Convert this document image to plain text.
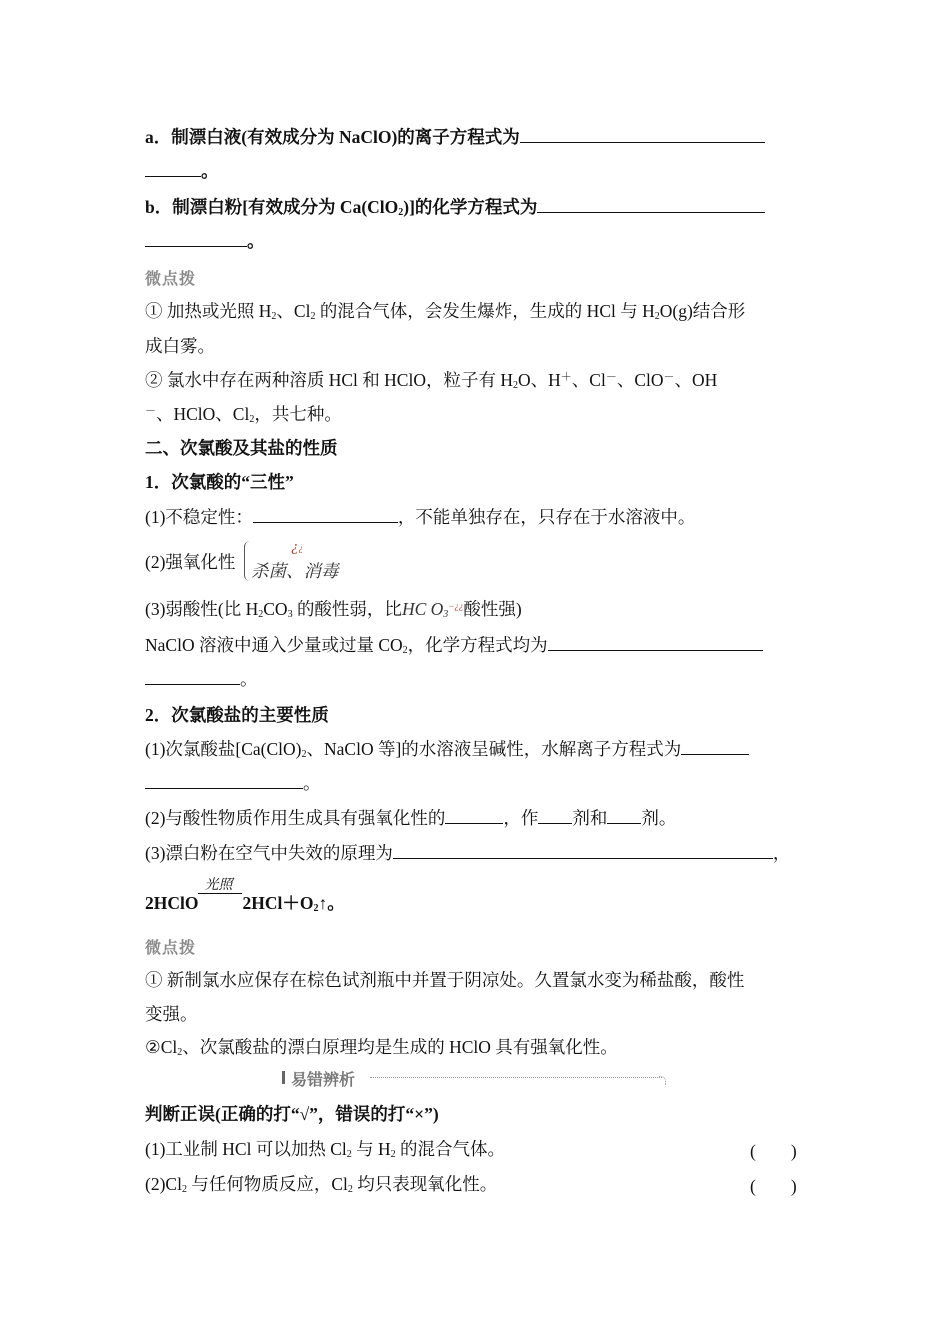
a．制漂白液(有效成分为 NaClO)的离子方程式为
。
b．制漂白粉[有效成分为 Ca(ClO$_2$)]的化学方程式为
。
微点拨
① 加热或光照 $H_2$、$Cl_2$ 的混合气体，会发生爆炸，生成的 HCl 与 $H_2O(g)$结合形
成白雾。
② 氯水中存在两种溶质 HCl 和 HClO，粒子有 $H_2O$、H＋、Cl－、ClO－、OH
－、HClO、$Cl_2$，共七种。
二、次氯酸及其盐的性质
1．次氯酸的“三性”
(1)不稳定性：	，不能单独存在，只存在于水溶液中。
(2)强氧化性
¿¿
杀菌、消毒
(3)弱酸性(比 $H_2CO_3$ 的酸性弱，比HC $O_3^{-¿¿}$酸性强)
NaClO 溶液中通入少量或过量 $CO_2$，化学方程式均为
。
2．次氯酸盐的主要性质
(1)次氯酸盐[$Ca(ClO)_2$、NaClO 等]的水溶液呈碱性，水解离子方程式为
。
(2)与酸性物质作用生成具有强氧化性的	，作 剂和 剂。
(3)漂白粉在空气中失效的原理为	，
2HClO
光照
$2HCl+O_2↑$。
微点拨
① 新制氯水应保存在棕色试剂瓶中并置于阴凉处。久置氯水变为稀盐酸，酸性
变强。
$②Cl_2$、次氯酸盐的漂白原理均是生成的 HClO 具有强氧化性。
易错辨析
判断正误(正确的打“√”，错误的打“×”)
(1)工业制 HCl 可以加热 $Cl_2$ 与 $H_2$ 的混合气体。	(　　)
$(2)Cl_2$ 与任何物质反应，$Cl_2$ 均只表现氧化性。	(　　)
